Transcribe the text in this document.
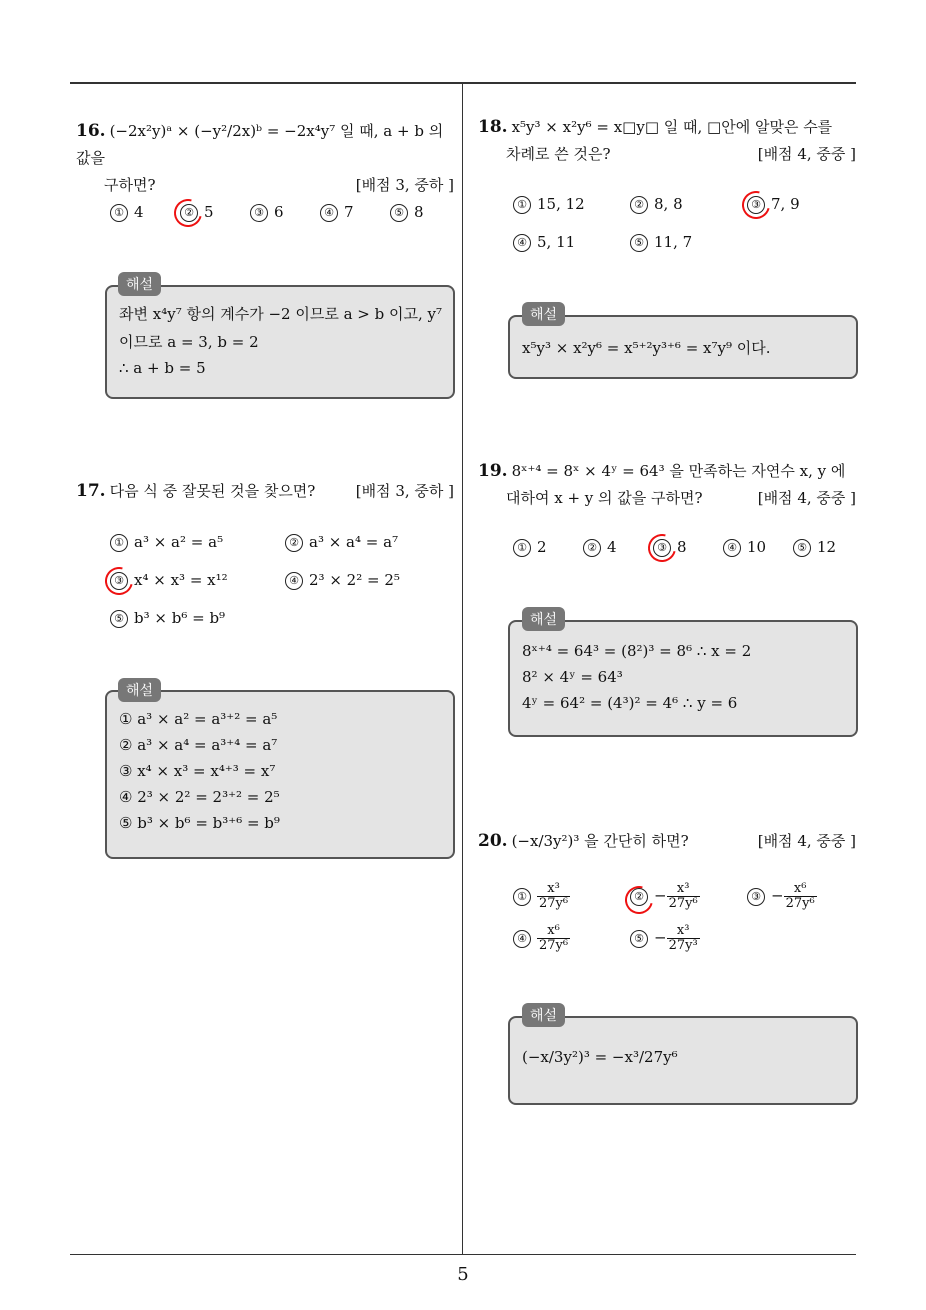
16. (−2x²y)ᵃ × (−y²/2x)ᵇ = −2x⁴y⁷ 일 때, a + b 의 값을
구하면?	[배점 3, 중하 ]
① 4	② 5	③ 6	④ 7	⑤ 8
좌변 x⁴y⁷ 항의 계수가 −2 이므로 a > b 이고, y⁷
이므로 a = 3, b = 2
∴ a + b = 5
해설
17. 다음 식 중 잘못된 것을 찾으면?	[배점 3, 중하 ]
① a³ × a² = a⁵	② a³ × a⁴ = a⁷
③ x⁴ × x³ = x¹²	④ 2³ × 2² = 2⁵
⑤ b³ × b⁶ = b⁹
① a³ × a² = a³⁺² = a⁵
② a³ × a⁴ = a³⁺⁴ = a⁷
③ x⁴ × x³ = x⁴⁺³ = x⁷
④ 2³ × 2² = 2³⁺² = 2⁵
⑤ b³ × b⁶ = b³⁺⁶ = b⁹
해설
18. x⁵y³ × x²y⁶ = x□y□ 일 때, □안에 알맞은 수를
차례로 쓴 것은?	[배점 4, 중중 ]
① 15, 12	② 8, 8	③ 7, 9
④ 5, 11	⑤ 11, 7
x⁵y³ × x²y⁶ = x⁵⁺²y³⁺⁶ = x⁷y⁹ 이다.
해설
19. 8ˣ⁺⁴ = 8ˣ × 4ʸ = 64³ 을 만족하는 자연수 x, y 에
대하여 x + y 의 값을 구하면?	[배점 4, 중중 ]
① 2	② 4	③ 8	④ 10	⑤ 12
8ˣ⁺⁴ = 64³ = (8²)³ = 8⁶ ∴ x = 2
8² × 4ʸ = 64³
4ʸ = 64² = (4³)² = 4⁶ ∴ y = 6
해설
20. (−x/3y²)³ 을 간단히 하면?	[배점 4, 중중 ]
① $\frac{\text{x³}}{\text{27y⁶}}$	② − $\frac{\text{x³}}{\text{27y⁶}}$	③ − $\frac{\text{x⁶}}{\text{27y⁶}}$
④ $\frac{\text{x⁶}}{\text{27y⁶}}$	⑤ − $\frac{\text{x³}}{\text{27y³}}$
(−x/3y²)³ = −x³/27y⁶
해설
5
